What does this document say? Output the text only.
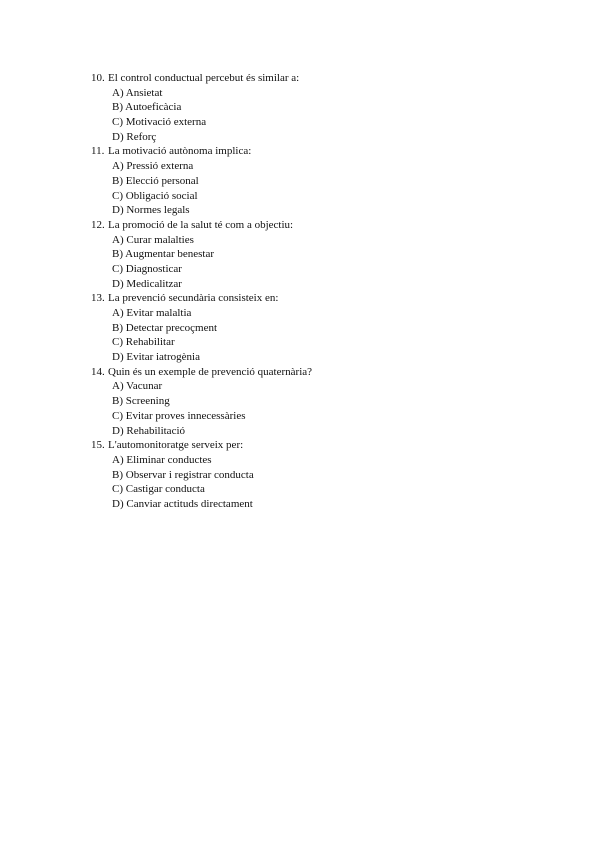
10. El control conductual percebut és similar a:
A) Ansietat
B) Autoeficàcia
C) Motivació externa
D) Reforç
11. La motivació autònoma implica:
A) Pressió externa
B) Elecció personal
C) Obligació social
D) Normes legals
12. La promoció de la salut té com a objectiu:
A) Curar malalties
B) Augmentar benestar
C) Diagnosticar
D) Medicalitzar
13. La prevenció secundària consisteix en:
A) Evitar malaltia
B) Detectar precoçment
C) Rehabilitar
D) Evitar iatrogènia
14. Quin és un exemple de prevenció quaternària?
A) Vacunar
B) Screening
C) Evitar proves innecessàries
D) Rehabilitació
15. L'automonitoratge serveix per:
A) Eliminar conductes
B) Observar i registrar conducta
C) Castigar conducta
D) Canviar actituds directament
